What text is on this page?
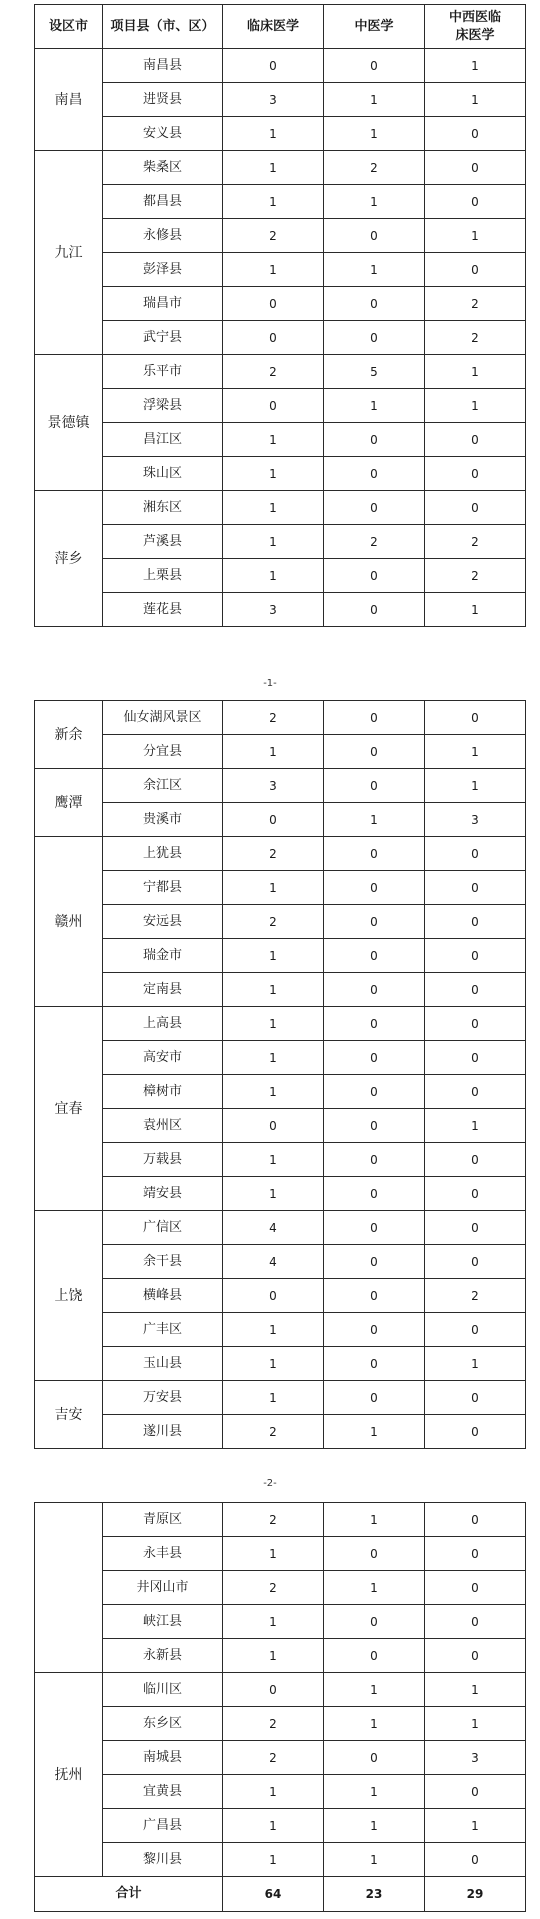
设区市	项目县（市、区）	临床医学	中医学	中西医临床医学
南昌	南昌县	0	0	1
	进贤县	3	1	1
	安义县	1	1	0
九江	柴桑区	1	2	0
	都昌县	1	1	0
	永修县	2	0	1
	彭泽县	1	1	0
	瑞昌市	0	0	2
	武宁县	0	0	2
景德镇	乐平市	2	5	1
	浮梁县	0	1	1
	昌江区	1	0	0
	珠山区	1	0	0
萍乡	湘东区	1	0	0
	芦溪县	1	2	2
	上栗县	1	0	2
	莲花县	3	0	1
-1-
新余	仙女湖风景区	2	0	0
	分宜县	1	0	1
鹰潭	余江区	3	0	1
	贵溪市	0	1	3
赣州	上犹县	2	0	0
	宁都县	1	0	0
	安远县	2	0	0
	瑞金市	1	0	0
	定南县	1	0	0
宜春	上高县	1	0	0
	高安市	1	0	0
	樟树市	1	0	0
	袁州区	0	0	1
	万载县	1	0	0
	靖安县	1	0	0
上饶	广信区	4	0	0
	余干县	4	0	0
	横峰县	0	0	2
	广丰区	1	0	0
	玉山县	1	0	1
吉安	万安县	1	0	0
	遂川县	2	1	0
-2-
	青原区	2	1	0
	永丰县	1	0	0
	井冈山市	2	1	0
	峡江县	1	0	0
	永新县	1	0	0
抚州	临川区	0	1	1
	东乡区	2	1	1
	南城县	2	0	3
	宜黄县	1	1	0
	广昌县	1	1	1
	黎川县	1	1	0
合计		64	23	29
